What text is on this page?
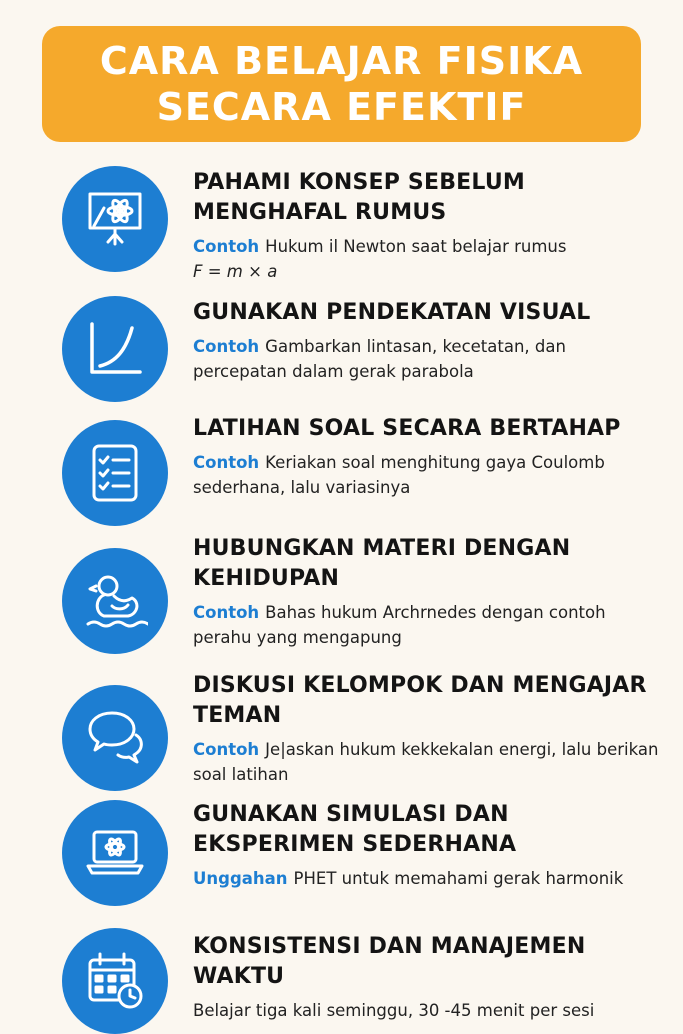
CARA BELAJAR FISIKA
SECARA EFEKTIF

PAHAMI KONSEP SEBELUM MENGHAFAL RUMUS

Contoh Hukum il Newton saat belajar rumus
F = m × a

GUNAKAN PENDEKATAN VISUAL

Contoh Gambarkan lintasan, kecetatan, dan percepatan dalam gerak parabola

LATIHAN SOAL SECARA BERTAHAP

Contoh Keriakan soal menghitung gaya Coulomb sederhana, lalu variasinya

HUBUNGKAN MATERI DENGAN KEHIDUPAN

Contoh Bahas hukum Archrnedes dengan contoh perahu yang mengapung

DISKUSI KELOMPOK DAN MENGAJAR TEMAN

Contoh Je|askan hukum kekkekalan energi, lalu berikan soal latihan

GUNAKAN SIMULASI DAN EKSPERIMEN SEDERHANA

Unggahan PHET untuk memahami gerak harmonik

KONSISTENSI DAN MANAJEMEN WAKTU

Belajar tiga kali seminggu, 30 -45 menit per sesi
